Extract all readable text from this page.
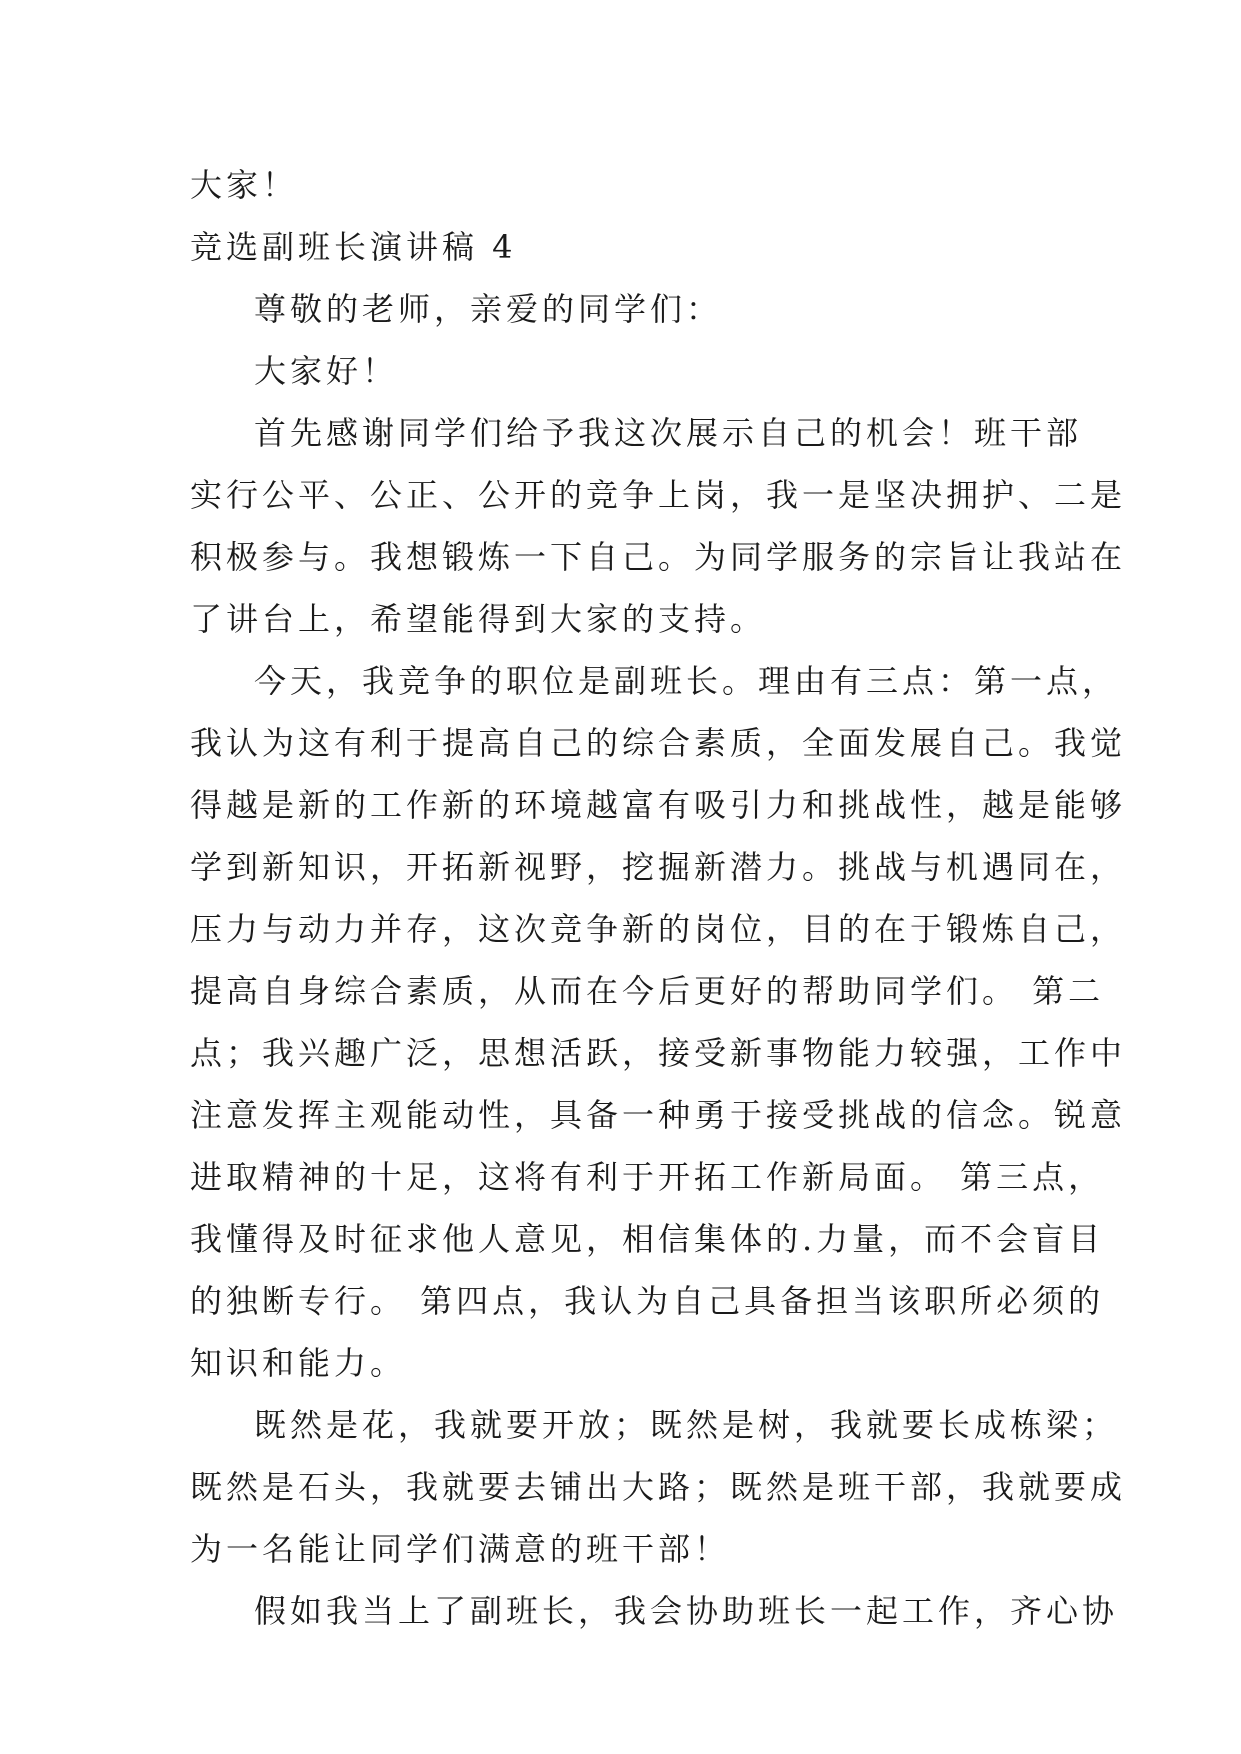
大家！
竞选副班长演讲稿 4
尊敬的老师，亲爱的同学们：
大家好！
首先感谢同学们给予我这次展示自己的机会！班干部
实行公平、公正、公开的竞争上岗，我一是坚决拥护、二是
积极参与。我想锻炼一下自己。为同学服务的宗旨让我站在
了讲台上，希望能得到大家的支持。
今天，我竞争的职位是副班长。理由有三点：第一点，
我认为这有利于提高自己的综合素质，全面发展自己。我觉
得越是新的工作新的环境越富有吸引力和挑战性，越是能够
学到新知识，开拓新视野，挖掘新潜力。挑战与机遇同在，
压力与动力并存，这次竞争新的岗位，目的在于锻炼自己，
提高自身综合素质，从而在今后更好的帮助同学们。 第二
点；我兴趣广泛，思想活跃，接受新事物能力较强，工作中
注意发挥主观能动性，具备一种勇于接受挑战的信念。锐意
进取精神的十足，这将有利于开拓工作新局面。 第三点，
我懂得及时征求他人意见，相信集体的.力量，而不会盲目
的独断专行。 第四点，我认为自己具备担当该职所必须的
知识和能力。
既然是花，我就要开放；既然是树，我就要长成栋梁；
既然是石头，我就要去铺出大路；既然是班干部，我就要成
为一名能让同学们满意的班干部！
假如我当上了副班长，我会协助班长一起工作，齐心协
